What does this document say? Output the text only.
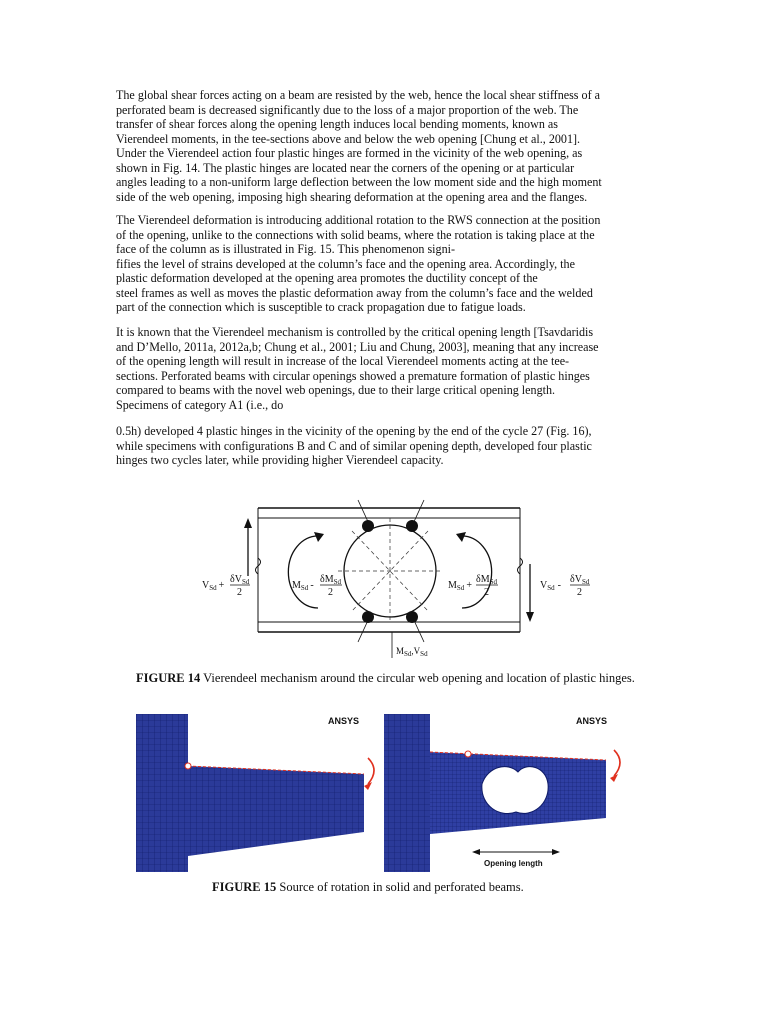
The global shear forces acting on a beam are resisted by the web, hence the local shear stiffness of a
perforated beam is decreased significantly due to the loss of a major proportion of the web. The
transfer of shear forces along the opening length induces local bending moments, known as
Vierendeel moments, in the tee-sections above and below the web opening [Chung et al., 2001].
Under the Vierendeel action four plastic hinges are formed in the vicinity of the web opening, as
shown in Fig. 14. The plastic hinges are located near the corners of the opening or at particular
angles leading to a non-uniform large deflection between the low moment side and the high moment
side of the web opening, imposing high shearing deformation at the opening area and the flanges.

The Vierendeel deformation is introducing additional rotation to the RWS connection at the position
of the opening, unlike to the connections with solid beams, where the rotation is taking place at the
face of the column as is illustrated in Fig. 15. This phenomenon signi-
fifies the level of strains developed at the column’s face and the opening area. Accordingly, the
plastic deformation developed at the opening area promotes the ductility concept of the
steel frames as well as moves the plastic deformation away from the column’s face and the welded
part of the connection which is susceptible to crack propagation due to fatigue loads.

It is known that the Vierendeel mechanism is controlled by the critical opening length [Tsavdaridis
and D’Mello, 2011a, 2012a,b; Chung et al., 2001; Liu and Chung, 2003], meaning that any increase
of the opening length will result in increase of the local Vierendeel moments acting at the tee-
sections. Perforated beams with circular openings showed a premature formation of plastic hinges
compared to beams with the novel web openings, due to their large critical opening length.
Specimens of category A1 (i.e., do

0.5h) developed 4 plastic hinges in the vicinity of the opening by the end of the cycle 27 (Fig. 16),
while specimens with configurations B and C and of similar opening depth, developed four plastic
hinges two cycles later, while providing higher Vierendeel capacity.

$V_{Sd}$ +
$\delta V_{Sd}$
2
$M_{Sd}$ -
$\delta M_{Sd}$
2
$M_{Sd}$ +
$\delta M_{Sd}$
2
$V_{Sd}$ -
$\delta V_{Sd}$
2
$M_{Sd},V_{Sd}$
FIGURE 14 Vierendeel mechanism around the circular web opening and location of plastic hinges.
ANSYS	ANSYS
Opening length
FIGURE 15 Source of rotation in solid and perforated beams.
